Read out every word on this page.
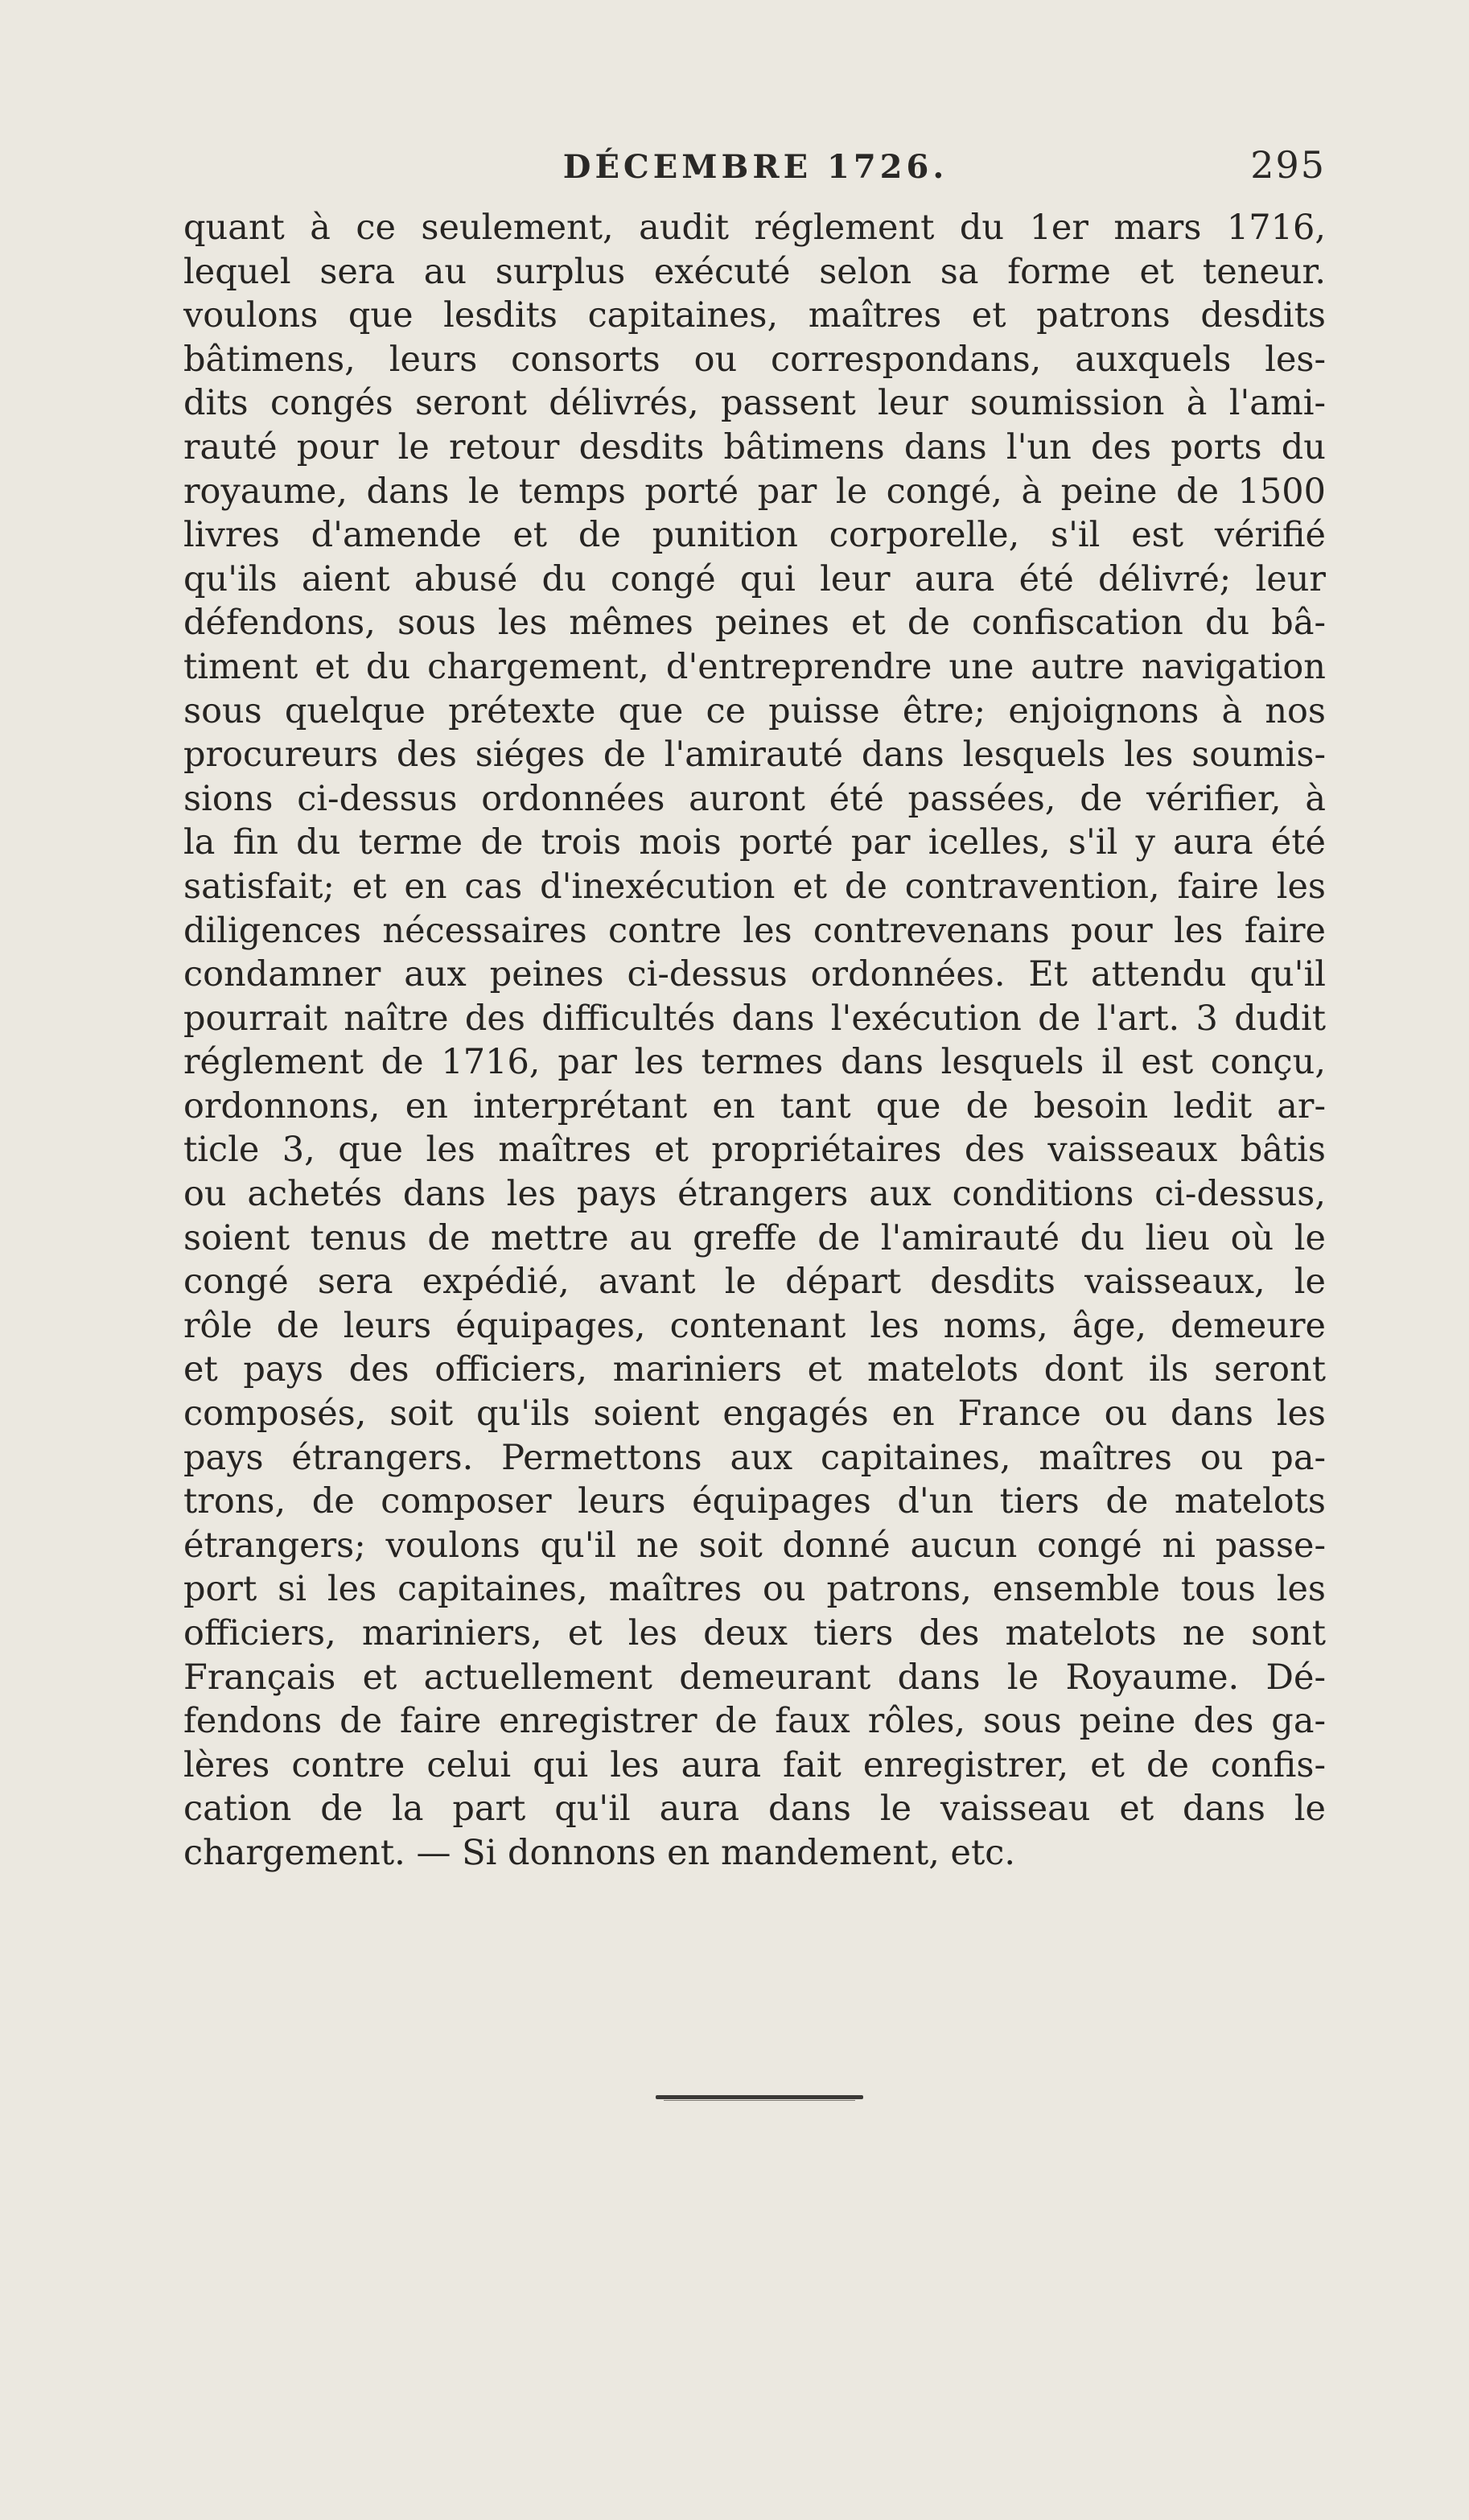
DÉCEMBRE 1726.	295
quant à ce seulement, audit réglement du 1er mars 1716,
lequel sera au surplus exécuté selon sa forme et teneur.
voulons que lesdits capitaines, maîtres et patrons desdits
bâtimens, leurs consorts ou correspondans, auxquels les-
dits congés seront délivrés, passent leur soumission à l'ami-
rauté pour le retour desdits bâtimens dans l'un des ports du
royaume, dans le temps porté par le congé, à peine de 1500
livres d'amende et de punition corporelle, s'il est vérifié
qu'ils aient abusé du congé qui leur aura été délivré; leur
défendons, sous les mêmes peines et de confiscation du bâ-
timent et du chargement, d'entreprendre une autre navigation
sous quelque prétexte que ce puisse être; enjoignons à nos
procureurs des siéges de l'amirauté dans lesquels les soumis-
sions ci-dessus ordonnées auront été passées, de vérifier, à
la fin du terme de trois mois porté par icelles, s'il y aura été
satisfait; et en cas d'inexécution et de contravention, faire les
diligences nécessaires contre les contrevenans pour les faire
condamner aux peines ci-dessus ordonnées. Et attendu qu'il
pourrait naître des difficultés dans l'exécution de l'art. 3 dudit
réglement de 1716, par les termes dans lesquels il est conçu,
ordonnons, en interprétant en tant que de besoin ledit ar-
ticle 3, que les maîtres et propriétaires des vaisseaux bâtis
ou achetés dans les pays étrangers aux conditions ci-dessus,
soient tenus de mettre au greffe de l'amirauté du lieu où le
congé sera expédié, avant le départ desdits vaisseaux, le
rôle de leurs équipages, contenant les noms, âge, demeure
et pays des officiers, mariniers et matelots dont ils seront
composés, soit qu'ils soient engagés en France ou dans les
pays étrangers. Permettons aux capitaines, maîtres ou pa-
trons, de composer leurs équipages d'un tiers de matelots
étrangers; voulons qu'il ne soit donné aucun congé ni passe-
port si les capitaines, maîtres ou patrons, ensemble tous les
officiers, mariniers, et les deux tiers des matelots ne sont
Français et actuellement demeurant dans le Royaume. Dé-
fendons de faire enregistrer de faux rôles, sous peine des ga-
lères contre celui qui les aura fait enregistrer, et de confis-
cation de la part qu'il aura dans le vaisseau et dans le
chargement. — Si donnons en mandement, etc.
